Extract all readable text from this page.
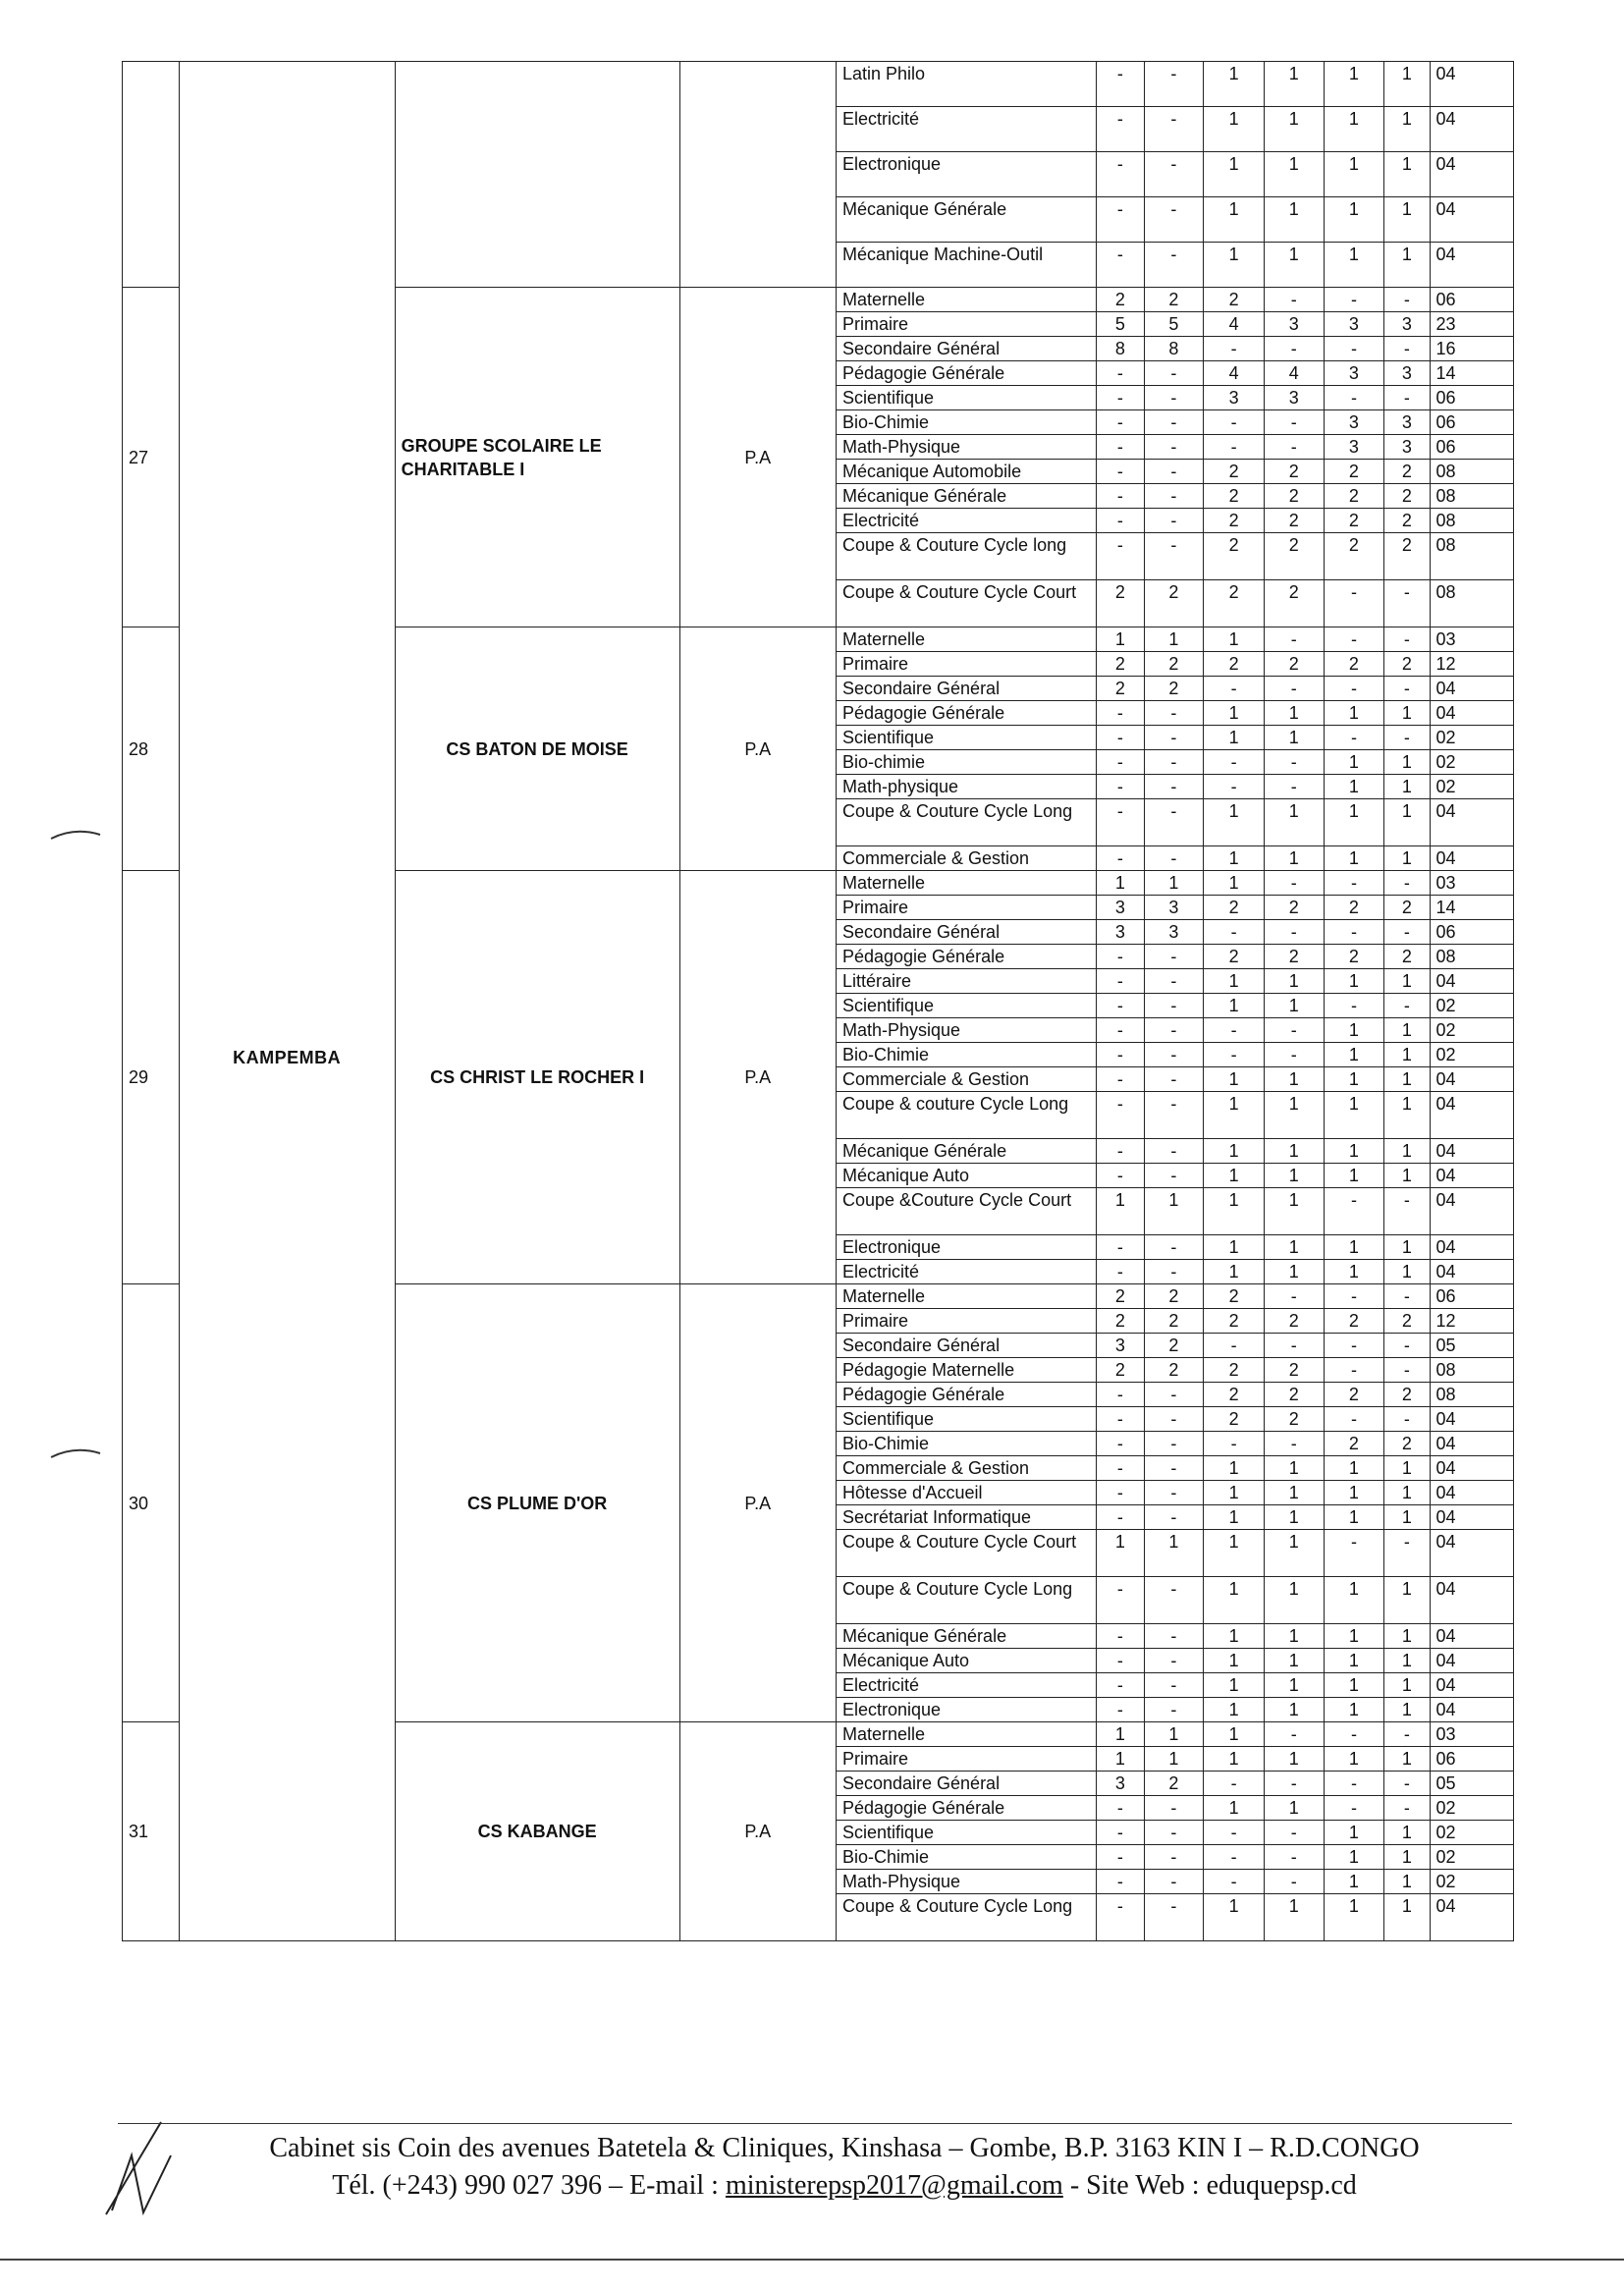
	KAMPEMBA			Latin Philo	-	-	1	1	1	1	04
				Electricité	-	-	1	1	1	1	04
				Electronique	-	-	1	1	1	1	04
				Mécanique Générale	-	-	1	1	1	1	04
				Mécanique Machine-Outil	-	-	1	1	1	1	04
27		GROUPE SCOLAIRE LE CHARITABLE I	P.A	Maternelle	2	2	2	-	-	-	06
				Primaire	5	5	4	3	3	3	23
				Secondaire Général	8	8	-	-	-	-	16
				Pédagogie Générale	-	-	4	4	3	3	14
				Scientifique	-	-	3	3	-	-	06
				Bio-Chimie	-	-	-	-	3	3	06
				Math-Physique	-	-	-	-	3	3	06
				Mécanique Automobile	-	-	2	2	2	2	08
				Mécanique Générale	-	-	2	2	2	2	08
				Electricité	-	-	2	2	2	2	08
				Coupe & Couture Cycle long	-	-	2	2	2	2	08
				Coupe & Couture Cycle Court	2	2	2	2	-	-	08
28		CS BATON DE MOISE	P.A	Maternelle	1	1	1	-	-	-	03
				Primaire	2	2	2	2	2	2	12
				Secondaire Général	2	2	-	-	-	-	04
				Pédagogie Générale	-	-	1	1	1	1	04
				Scientifique	-	-	1	1	-	-	02
				Bio-chimie	-	-	-	-	1	1	02
				Math-physique	-	-	-	-	1	1	02
				Coupe & Couture Cycle Long	-	-	1	1	1	1	04
				Commerciale & Gestion	-	-	1	1	1	1	04
29		CS CHRIST LE ROCHER I	P.A	Maternelle	1	1	1	-	-	-	03
				Primaire	3	3	2	2	2	2	14
				Secondaire Général	3	3	-	-	-	-	06
				Pédagogie Générale	-	-	2	2	2	2	08
				Littéraire	-	-	1	1	1	1	04
				Scientifique	-	-	1	1	-	-	02
				Math-Physique	-	-	-	-	1	1	02
				Bio-Chimie	-	-	-	-	1	1	02
				Commerciale & Gestion	-	-	1	1	1	1	04
				Coupe & couture Cycle Long	-	-	1	1	1	1	04
				Mécanique Générale	-	-	1	1	1	1	04
				Mécanique Auto	-	-	1	1	1	1	04
				Coupe &Couture Cycle Court	1	1	1	1	-	-	04
				Electronique	-	-	1	1	1	1	04
				Electricité	-	-	1	1	1	1	04
30		CS PLUME D'OR	P.A	Maternelle	2	2	2	-	-	-	06
				Primaire	2	2	2	2	2	2	12
				Secondaire Général	3	2	-	-	-	-	05
				Pédagogie Maternelle	2	2	2	2	-	-	08
				Pédagogie Générale	-	-	2	2	2	2	08
				Scientifique	-	-	2	2	-	-	04
				Bio-Chimie	-	-	-	-	2	2	04
				Commerciale & Gestion	-	-	1	1	1	1	04
				Hôtesse d'Accueil	-	-	1	1	1	1	04
				Secrétariat Informatique	-	-	1	1	1	1	04
				Coupe & Couture Cycle Court	1	1	1	1	-	-	04
				Coupe & Couture Cycle Long	-	-	1	1	1	1	04
				Mécanique Générale	-	-	1	1	1	1	04
				Mécanique Auto	-	-	1	1	1	1	04
				Electricité	-	-	1	1	1	1	04
				Electronique	-	-	1	1	1	1	04
31		CS KABANGE	P.A	Maternelle	1	1	1	-	-	-	03
				Primaire	1	1	1	1	1	1	06
				Secondaire Général	3	2	-	-	-	-	05
				Pédagogie Générale	-	-	1	1	-	-	02
				Scientifique	-	-	-	-	1	1	02
				Bio-Chimie	-	-	-	-	1	1	02
				Math-Physique	-	-	-	-	1	1	02
				Coupe & Couture Cycle Long	-	-	1	1	1	1	04
Cabinet sis Coin des avenues Batetela & Cliniques, Kinshasa – Gombe, B.P. 3163 KIN I – R.D.CONGO
Tél. (+243) 990 027 396 – E-mail : ministerepsp2017@gmail.com - Site Web : eduquepsp.cd
